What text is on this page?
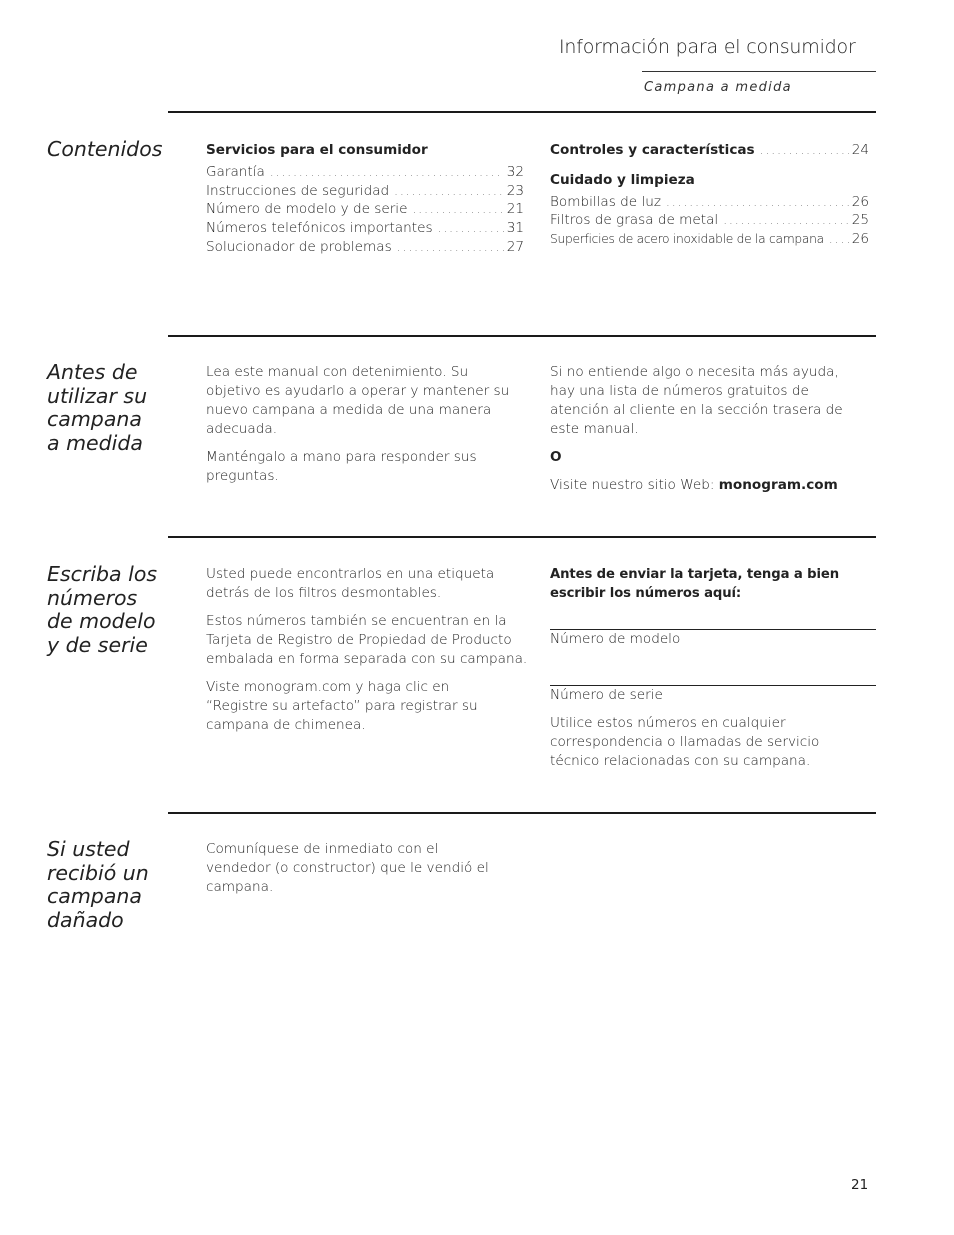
Información para el consumidor
Campana a medida
Contenidos	Servicios para el consumidor
Garantía .....	32
Instrucciones de seguridad .....	23
Número de modelo y de serie .....	21
Números telefónicos importantes .....	31
Solucionador de problemas .....	27
Controles y características .....	24
Cuidado y limpieza
Bombillas de luz .....	26
Filtros de grasa de metal .....	25
Superficies de acero inoxidable de la campana .....	26
Antes de utilizar su campana a medida

Lea este manual con detenimiento. Su objetivo es ayudarlo a operar y mantener su nuevo campana a medida de una manera adecuada.

Manténgalo a mano para responder sus preguntas.

Si no entiende algo o necesita más ayuda, hay una lista de números gratuitos de atención al cliente en la sección trasera de este manual.

O

Visite nuestro sitio Web: monogram.com

Escriba los números de modelo y de serie

Usted puede encontrarlos en una etiqueta detrás de los filtros desmontables.

Estos números también se encuentran en la Tarjeta de Registro de Propiedad de Producto embalada en forma separada con su campana.

Viste monogram.com y haga clic en “Registre su artefacto” para registrar su campana de chimenea.

Antes de enviar la tarjeta, tenga a bien escribir los números aquí:

Número de modelo
Número de serie
Utilice estos números en cualquier correspondencia o llamadas de servicio técnico relacionadas con su campana.
Si usted recibió un campana dañado
Comuníquese de inmediato con el vendedor (o constructor) que le vendió el campana.
21
